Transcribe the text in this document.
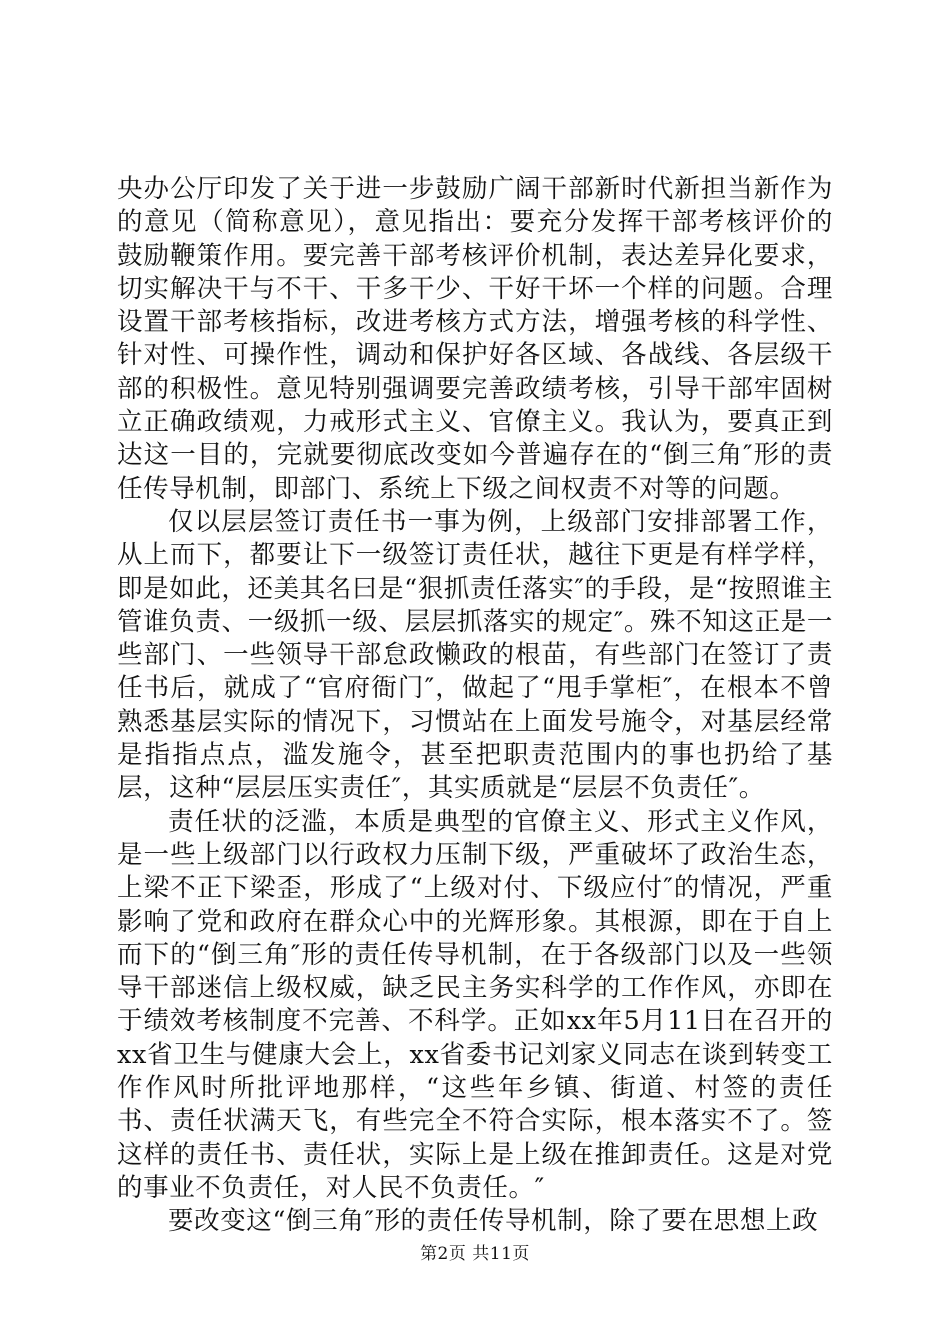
央办公厅印发了关于进一步鼓励广阔干部新时代新担当新作为的意见（简称意见），意见指出：要充分发挥干部考核评价的鼓励鞭策作用。要完善干部考核评价机制，表达差异化要求，切实解决干与不干、干多干少、干好干坏一个样的问题。合理设置干部考核指标，改进考核方式方法，增强考核的科学性、针对性、可操作性，调动和保护好各区域、各战线、各层级干部的积极性。意见特别强调要完善政绩考核，引导干部牢固树立正确政绩观，力戒形式主义、官僚主义。我认为，要真正到达这一目的，完就要彻底改变如今普遍存在的“倒三角″形的责任传导机制，即部门、系统上下级之间权责不对等的问题。

仅以层层签订责任书一事为例，上级部门安排部署工作，从上而下，都要让下一级签订责任状，越往下更是有样学样，即是如此，还美其名曰是“狠抓责任落实″的手段，是“按照谁主管谁负责、一级抓一级、层层抓落实的规定″。殊不知这正是一些部门、一些领导干部怠政懒政的根苗，有些部门在签订了责任书后，就成了“官府衙门″，做起了“甩手掌柜″，在根本不曾熟悉基层实际的情况下，习惯站在上面发号施令，对基层经常是指指点点，滥发施令，甚至把职责范围内的事也扔给了基层，这种“层层压实责任″，其实质就是“层层不负责任″。

责任状的泛滥，本质是典型的官僚主义、形式主义作风，是一些上级部门以行政权力压制下级，严重破坏了政治生态，上梁不正下梁歪，形成了“上级对付、下级应付″的情况，严重影响了党和政府在群众心中的光辉形象。其根源，即在于自上而下的“倒三角″形的责任传导机制，在于各级部门以及一些领导干部迷信上级权威，缺乏民主务实科学的工作作风，亦即在于绩效考核制度不完善、不科学。正如xx年5月11日在召开的xx省卫生与健康大会上，xx省委书记刘家义同志在谈到转变工作作风时所批评地那样，“这些年乡镇、街道、村签的责任书、责任状满天飞，有些完全不符合实际，根本落实不了。签这样的责任书、责任状，实际上是上级在推卸责任。这是对党的事业不负责任，对人民不负责任。″

要改变这“倒三角″形的责任传导机制，除了要在思想上政

第2页 共11页
